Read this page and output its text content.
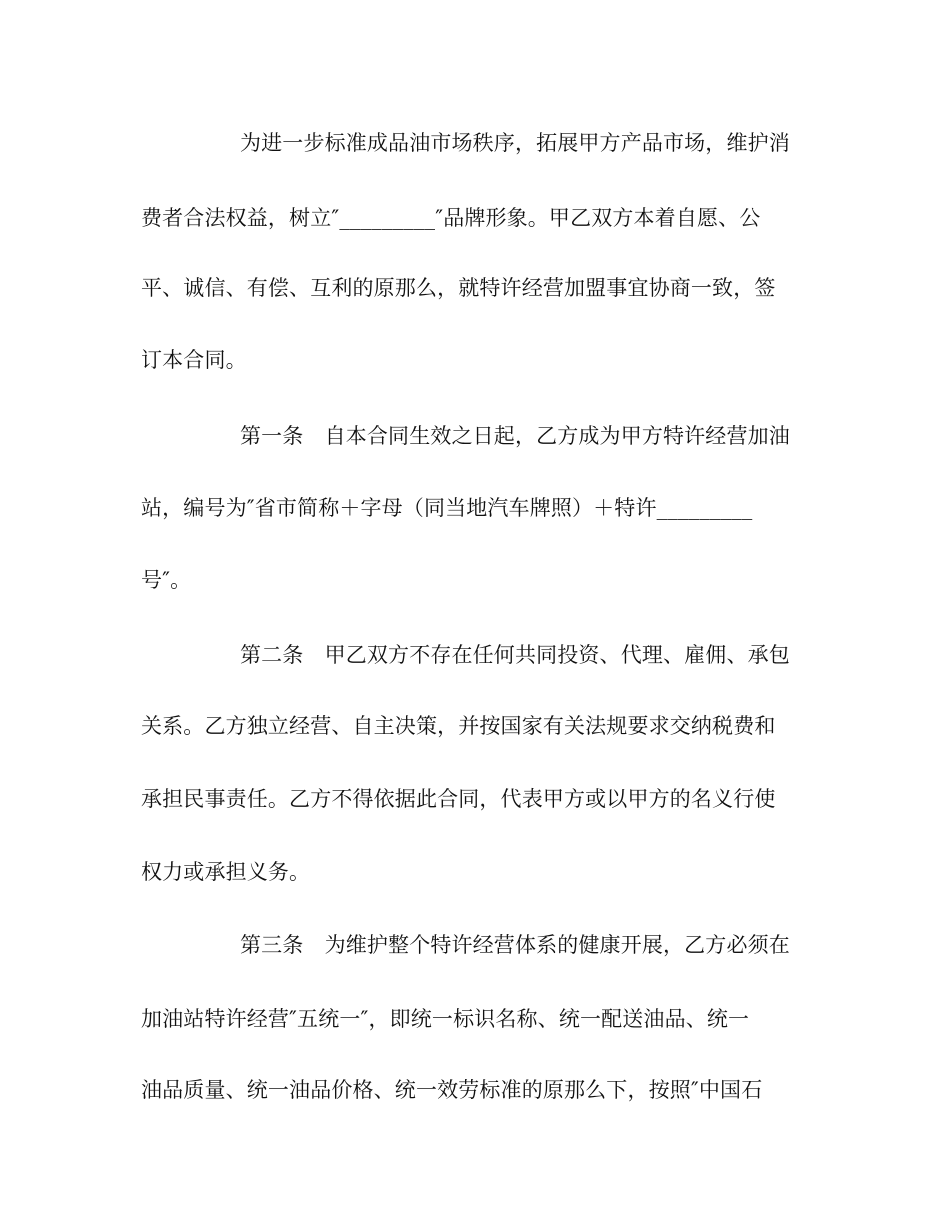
为进一步标准成品油市场秩序，拓展甲方产品市场，维护消
费者合法权益，树立″_________″品牌形象。甲乙双方本着自愿、公
平、诚信、有偿、互利的原那么，就特许经营加盟事宜协商一致，签
订本合同。
第一条　自本合同生效之日起，乙方成为甲方特许经营加油
站，编号为″省市简称＋字母（同当地汽车牌照）＋特许_________
号″。
第二条　甲乙双方不存在任何共同投资、代理、雇佣、承包
关系。乙方独立经营、自主决策，并按国家有关法规要求交纳税费和
承担民事责任。乙方不得依据此合同，代表甲方或以甲方的名义行使
权力或承担义务。
第三条　为维护整个特许经营体系的健康开展，乙方必须在
加油站特许经营″五统一″，即统一标识名称、统一配送油品、统一
油品质量、统一油品价格、统一效劳标准的原那么下，按照″中国石
